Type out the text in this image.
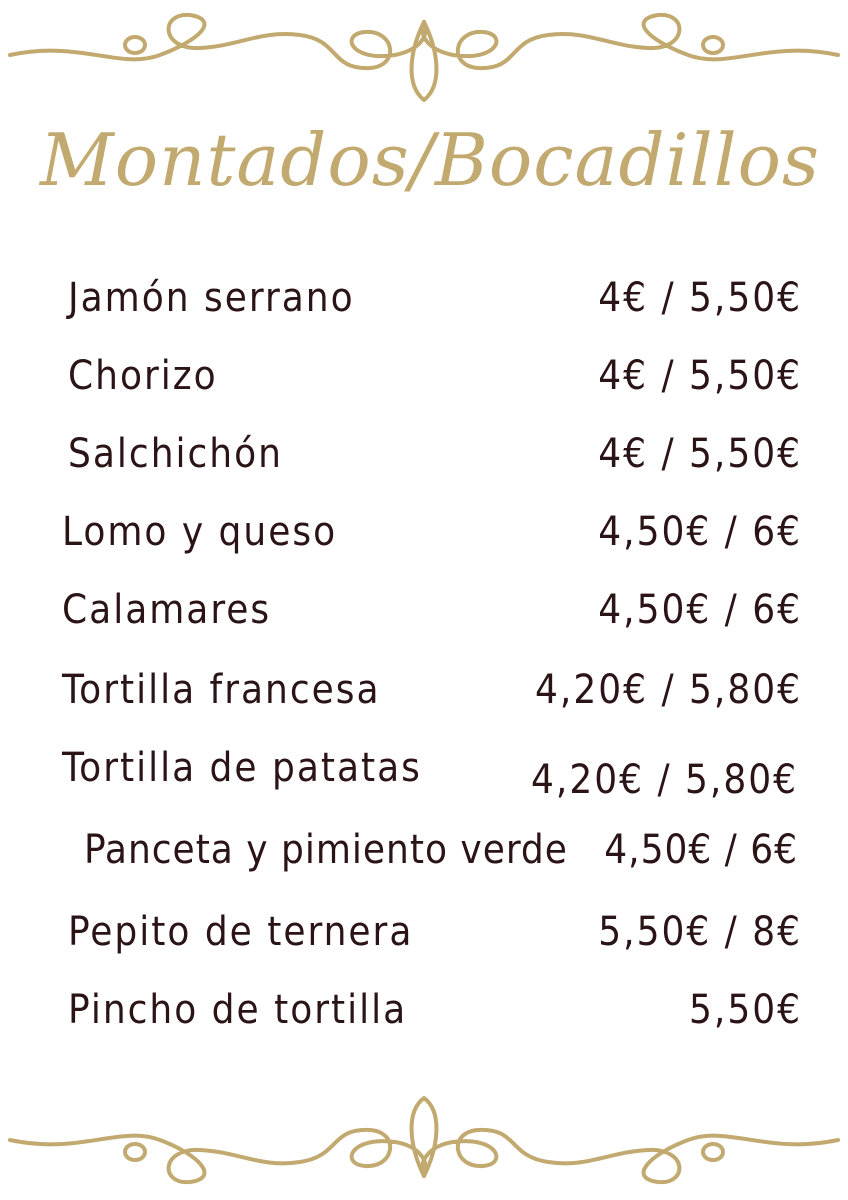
Montados/Bocadillos
Jamón serrano	4€ / 5,50€
Chorizo	4€ / 5,50€
Salchichón	4€ / 5,50€
Lomo y queso	4,50€ / 6€
Calamares	4,50€ / 6€
Tortilla francesa	4,20€ / 5,80€
Tortilla de patatas	4,20€ / 5,80€
Panceta y pimiento verde 4,50€ / 6€
Pepito de ternera	5,50€ / 8€
Pincho de tortilla	5,50€
